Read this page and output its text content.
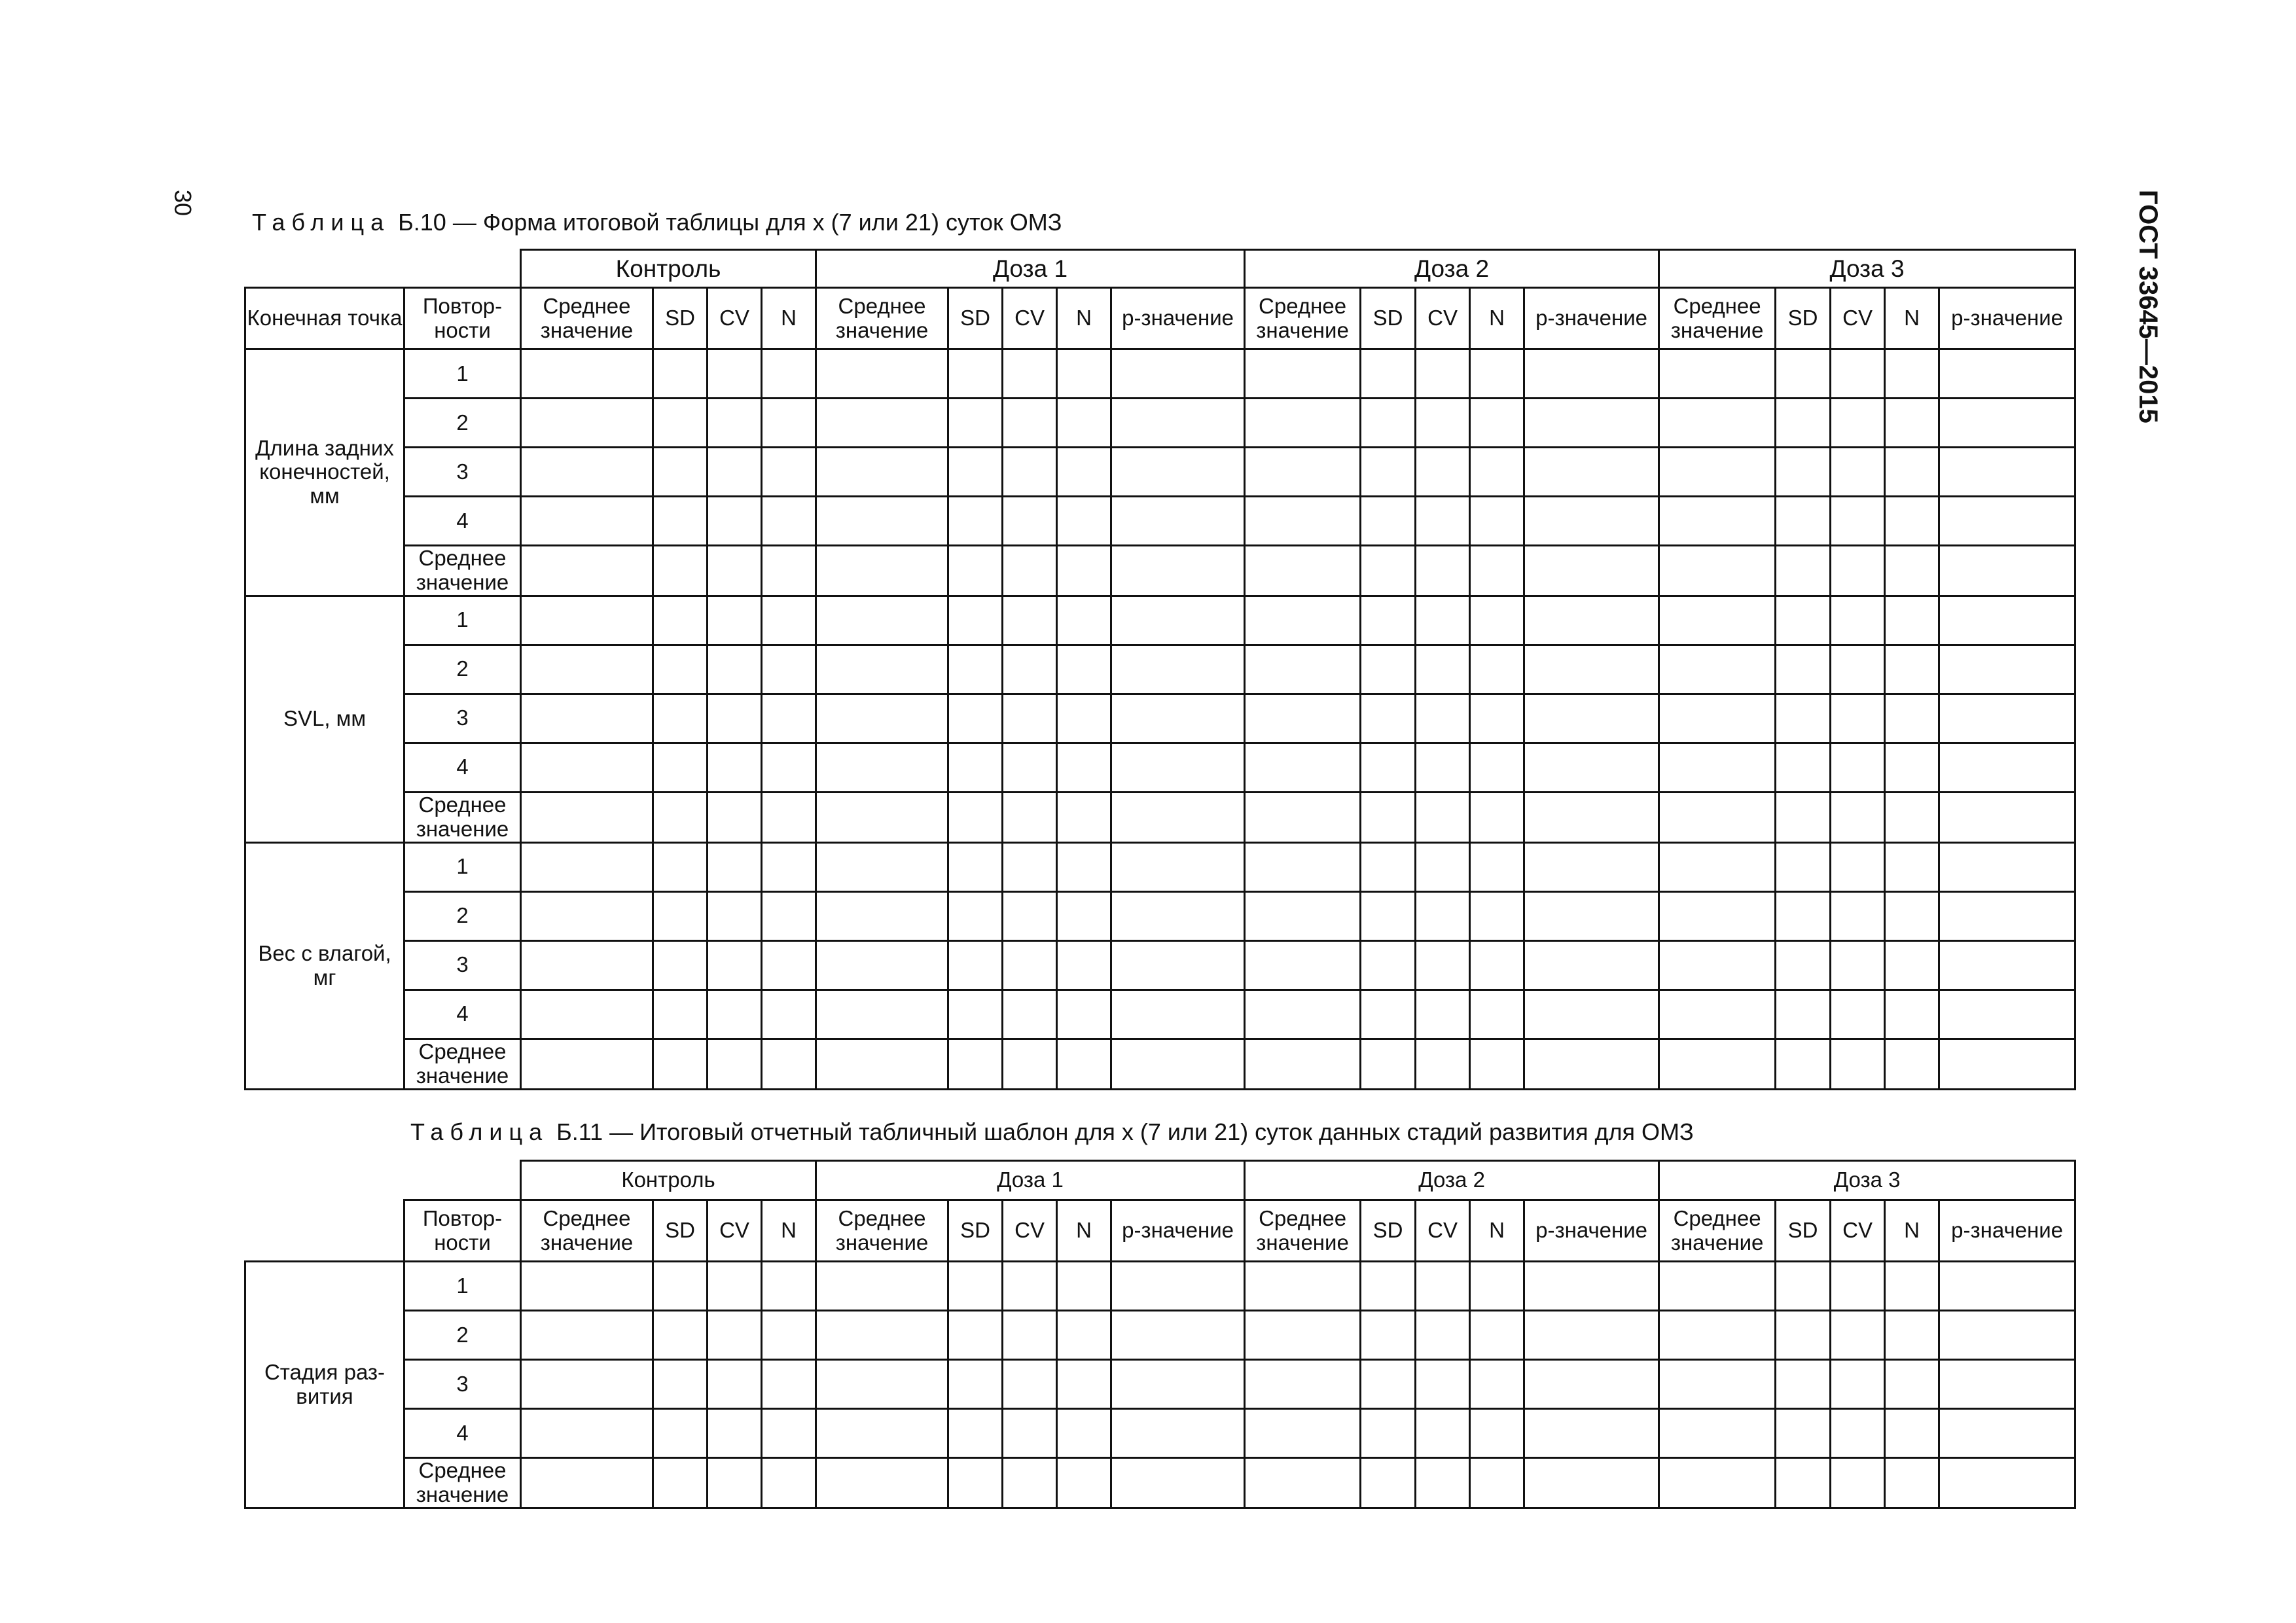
30	ГОСТ 33645—2015
Таблица Б.10 — Форма итоговой таблицы для x (7 или 21) суток ОМЗ
		Контроль				Доза 1					Доза 2					Доза 3				
Конечная точка	Повтор-ности	Среднее значение	SD	CV	N	Среднее значение	SD	CV	N	p-значение	Среднее значение	SD	CV	N	p-значение	Среднее значение	SD	CV	N	p-значение
Длина задних конечностей, мм	1																			
	2																			
	3																			
	4																			
	Среднее значение																			
SVL, мм	1																			
	2																			
	3																			
	4																			
	Среднее значение																			
Вес с влагой, мг	1																			
	2																			
	3																			
	4																			
	Среднее значение																			
Таблица Б.11 — Итоговый отчетный табличный шаблон для x (7 или 21) суток данных стадий развития для ОМЗ
		Контроль				Доза 1					Доза 2					Доза 3				
	Повтор-ности	Среднее значение	SD	CV	N	Среднее значение	SD	CV	N	p-значение	Среднее значение	SD	CV	N	p-значение	Среднее значение	SD	CV	N	p-значение
Стадия раз-вития	1																			
	2																			
	3																			
	4																			
	Среднее значение																			
